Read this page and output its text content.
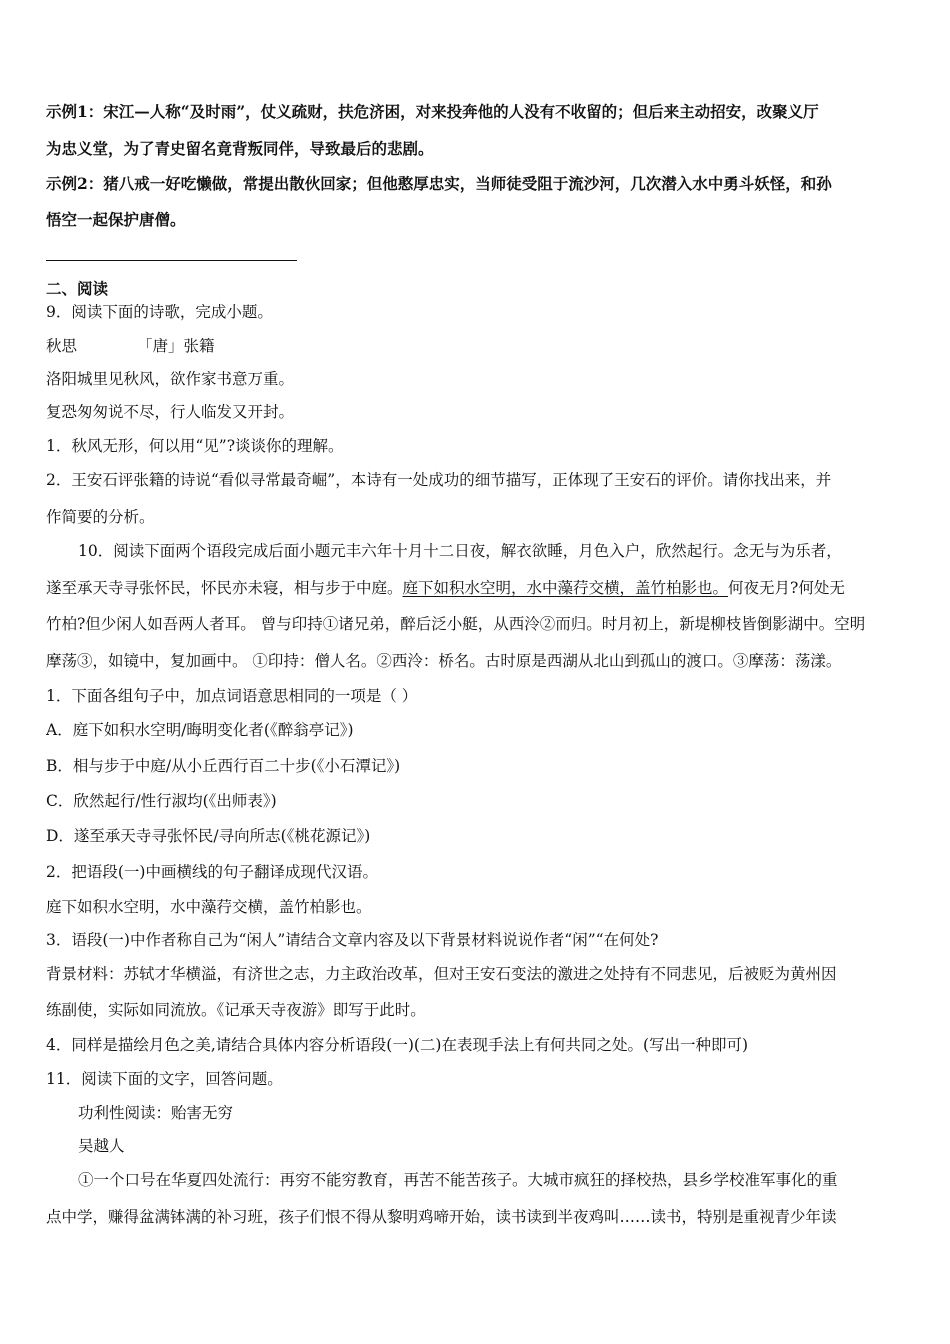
示例1：宋江—人称“及时雨”，仗义疏财，扶危济困，对来投奔他的人没有不收留的；但后来主动招安，改聚义厅
为忠义堂，为了青史留名竟背叛同伴，导致最后的悲剧。
示例2：猪八戒一好吃懒做，常提出散伙回家；但他憨厚忠实，当师徒受阻于流沙河，几次潜入水中勇斗妖怪，和孙
悟空一起保护唐僧。
二、阅读
9．阅读下面的诗歌，完成小题。
秋思	「唐」张籍
洛阳城里见秋风，欲作家书意万重。
复恐匆匆说不尽，行人临发又开封。
1．秋风无形，何以用“见”?谈谈你的理解。
2．王安石评张籍的诗说“看似寻常最奇崛”，本诗有一处成功的细节描写，正体现了王安石的评价。请你找出来，并
作简要的分析。
10．阅读下面两个语段完成后面小题元丰六年十月十二日夜，解衣欲睡，月色入户，欣然起行。念无与为乐者，
遂至承天寺寻张怀民，怀民亦未寝，相与步于中庭。庭下如积水空明，水中藻荇交横，盖竹柏影也。何夜无月?何处无
竹柏?但少闲人如吾两人者耳。 曾与印持①诸兄弟，醉后泛小艇，从西泠②而归。时月初上，新堤柳枝皆倒影湖中。空明
摩荡③，如镜中，复加画中。 ①印持：僧人名。②西泠：桥名。古时原是西湖从北山到孤山的渡口。③摩荡：荡漾。
1．下面各组句子中，加点词语意思相同的一项是（ ）
A．庭下如积水空明/晦明变化者(《醉翁亭记》)
B．相与步于中庭/从小丘西行百二十步(《小石潭记》)
C．欣然起行/性行淑均(《出师表》)
D．遂至承天寺寻张怀民/寻向所志(《桃花源记》)
2．把语段(一)中画横线的句子翻译成现代汉语。
庭下如积水空明，水中藻荇交横，盖竹柏影也。
3．语段(一)中作者称自己为“闲人”请结合文章内容及以下背景材料说说作者“闲”“在何处?
背景材料：苏轼才华横溢，有济世之志，力主政治改革，但对王安石变法的激进之处持有不同悲见，后被贬为黄州因
练副使，实际如同流放。《记承天寺夜游》即写于此时。
4．同样是描绘月色之美,请结合具体内容分析语段(一)(二)在表现手法上有何共同之处。(写出一种即可)
11．阅读下面的文字，回答问题。
功利性阅读：贻害无穷
吴越人
①一个口号在华夏四处流行：再穷不能穷教育，再苦不能苦孩子。大城市疯狂的择校热，县乡学校准军事化的重
点中学，赚得盆满钵满的补习班，孩子们恨不得从黎明鸡啼开始，读书读到半夜鸡叫……读书，特别是重视青少年读
